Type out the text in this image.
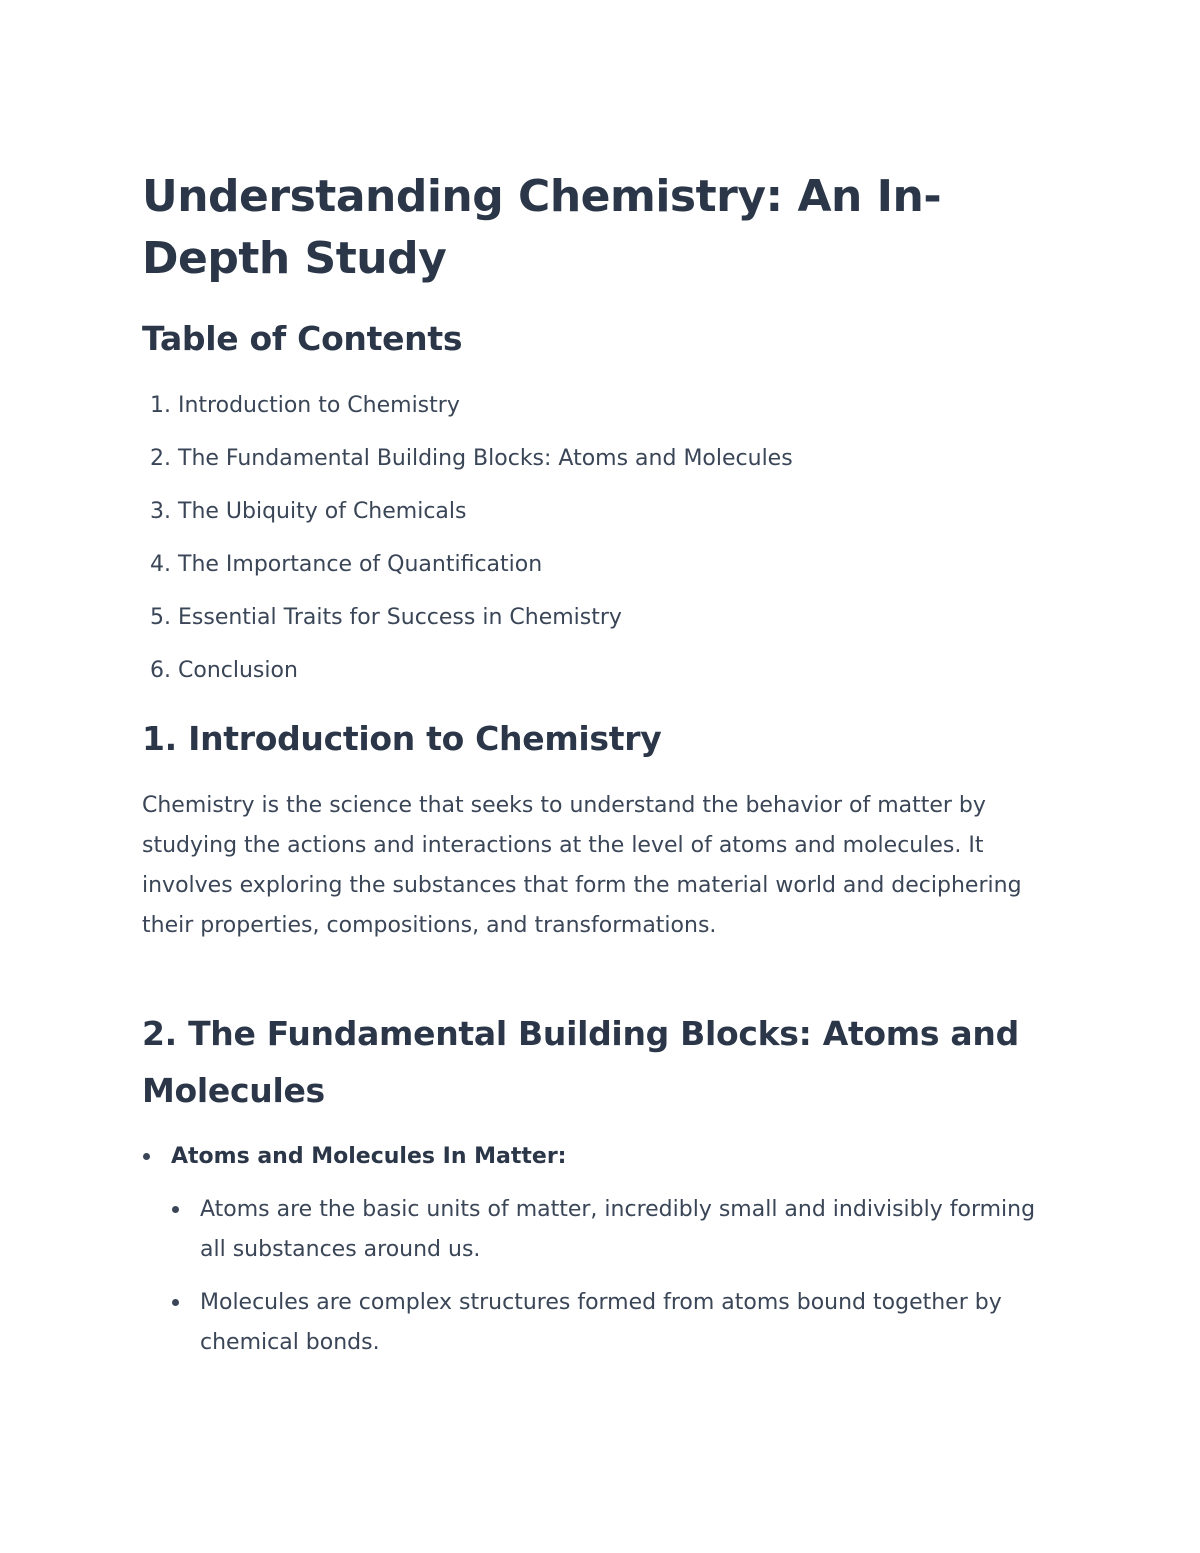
Understanding Chemistry: An In-Depth Study
Table of Contents
1. Introduction to Chemistry
2. The Fundamental Building Blocks: Atoms and Molecules
3. The Ubiquity of Chemicals
4. The Importance of Quantification
5. Essential Traits for Success in Chemistry
6. Conclusion
1. Introduction to Chemistry

Chemistry is the science that seeks to understand the behavior of matter by studying the actions and interactions at the level of atoms and molecules. It involves exploring the substances that form the material world and deciphering their properties, compositions, and transformations.

2. The Fundamental Building Blocks: Atoms and Molecules
Atoms and Molecules In Matter:
Atoms are the basic units of matter, incredibly small and indivisibly forming all substances around us.
Molecules are complex structures formed from atoms bound together by chemical bonds.
